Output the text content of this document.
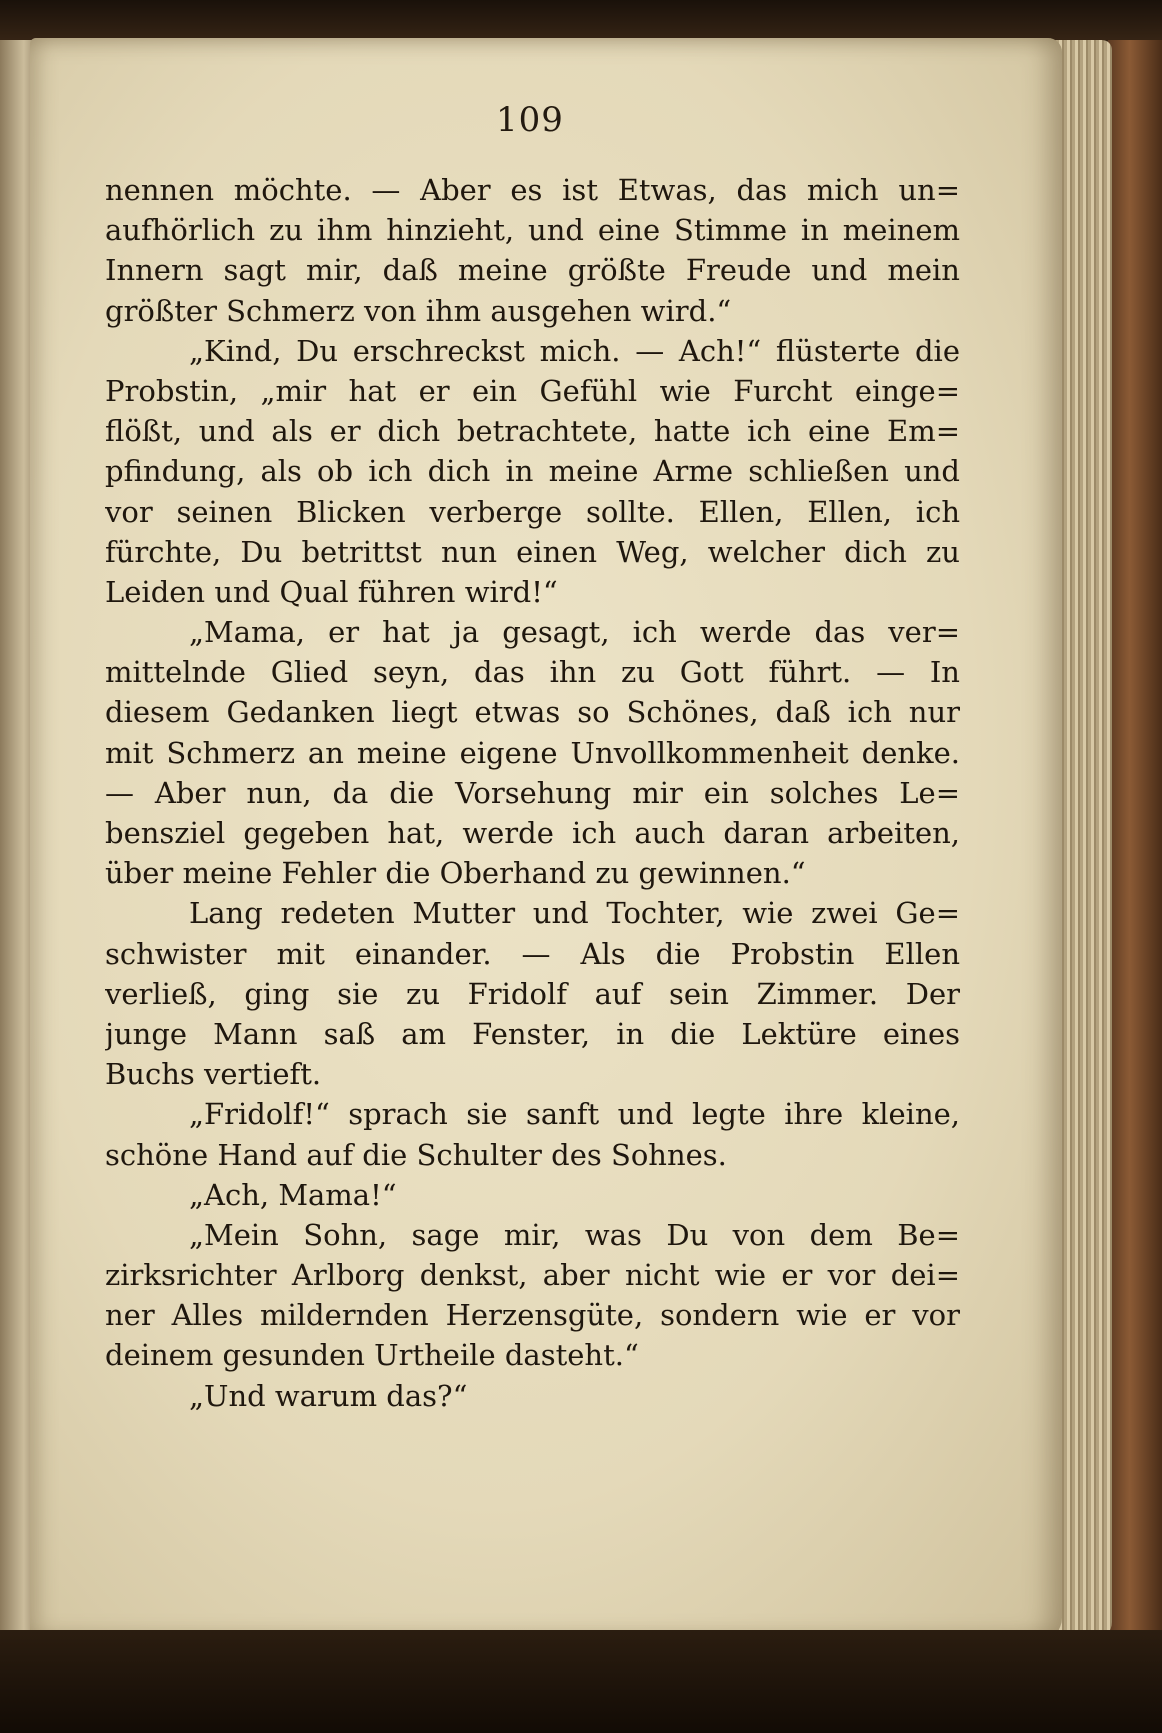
109
nennen möchte. — Aber es ist Etwas, das mich un=
aufhörlich zu ihm hinzieht, und eine Stimme in meinem
Innern sagt mir, daß meine größte Freude und mein
größter Schmerz von ihm ausgehen wird.“
„Kind, Du erschreckst mich. — Ach!“ flüsterte die
Probstin, „mir hat er ein Gefühl wie Furcht einge=
flößt, und als er dich betrachtete, hatte ich eine Em=
pfindung, als ob ich dich in meine Arme schließen und
vor seinen Blicken verberge sollte. Ellen, Ellen, ich
fürchte, Du betrittst nun einen Weg, welcher dich zu
Leiden und Qual führen wird!“
„Mama, er hat ja gesagt, ich werde das ver=
mittelnde Glied seyn, das ihn zu Gott führt. — In
diesem Gedanken liegt etwas so Schönes, daß ich nur
mit Schmerz an meine eigene Unvollkommenheit denke.
— Aber nun, da die Vorsehung mir ein solches Le=
bensziel gegeben hat, werde ich auch daran arbeiten,
über meine Fehler die Oberhand zu gewinnen.“
Lang redeten Mutter und Tochter, wie zwei Ge=
schwister mit einander. — Als die Probstin Ellen
verließ, ging sie zu Fridolf auf sein Zimmer. Der
junge Mann saß am Fenster, in die Lektüre eines
Buchs vertieft.
„Fridolf!“ sprach sie sanft und legte ihre kleine,
schöne Hand auf die Schulter des Sohnes.
„Ach, Mama!“
„Mein Sohn, sage mir, was Du von dem Be=
zirksrichter Arlborg denkst, aber nicht wie er vor dei=
ner Alles mildernden Herzensgüte, sondern wie er vor
deinem gesunden Urtheile dasteht.“
„Und warum das?“
